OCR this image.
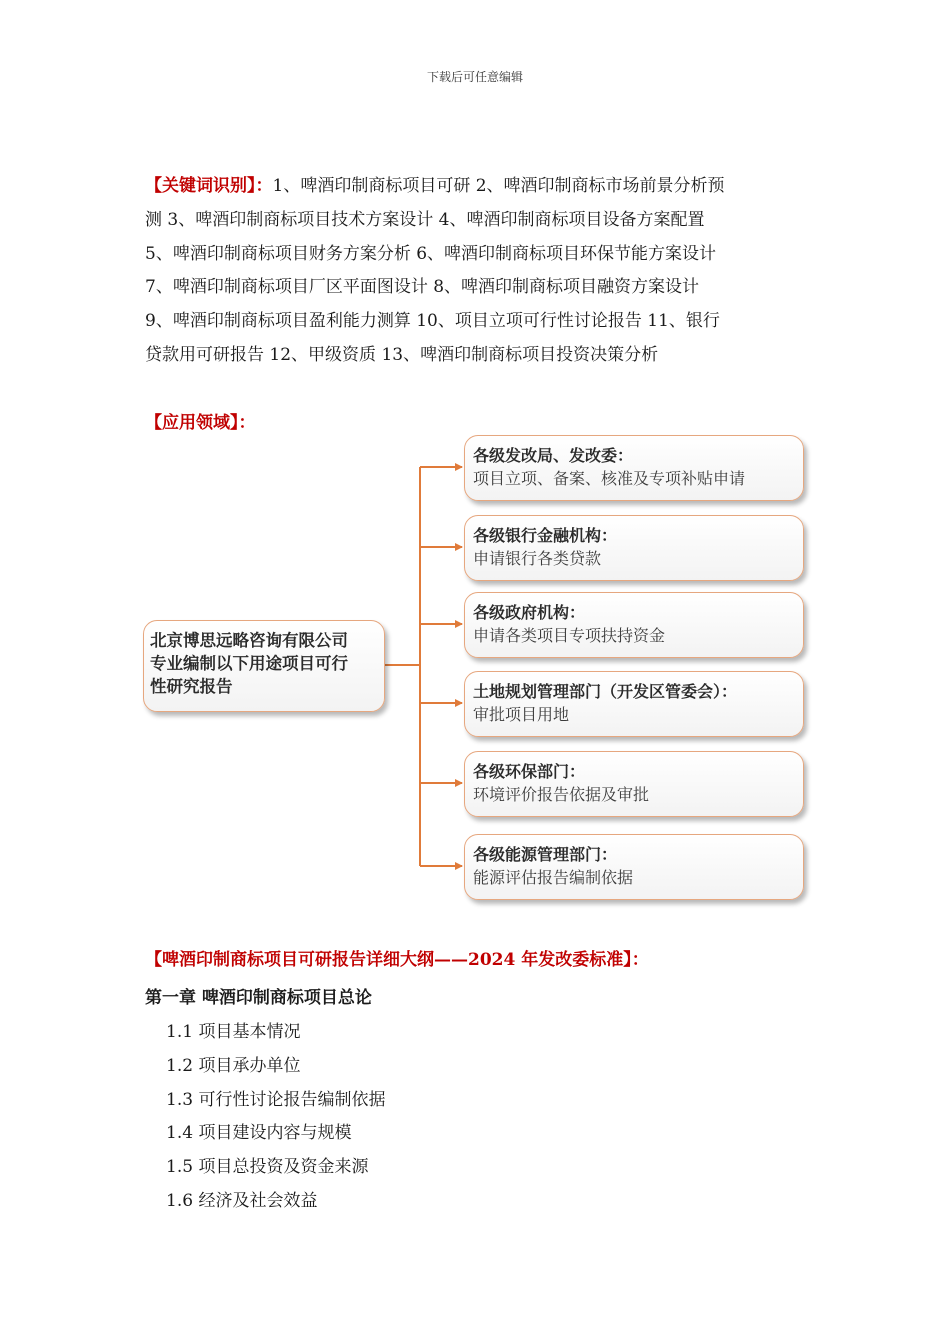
下载后可任意编辑
【关键词识别】：1、啤酒印制商标项目可研 2、啤酒印制商标市场前景分析预
测 3、啤酒印制商标项目技术方案设计 4、啤酒印制商标项目设备方案配置
5、啤酒印制商标项目财务方案分析 6、啤酒印制商标项目环保节能方案设计
7、啤酒印制商标项目厂区平面图设计 8、啤酒印制商标项目融资方案设计
9、啤酒印制商标项目盈利能力测算 10、项目立项可行性讨论报告 11、银行
贷款用可研报告 12、甲级资质 13、啤酒印制商标项目投资决策分析
【应用领域】：
北京博思远略咨询有限公司
专业编制以下用途项目可行
性研究报告
各级发改局、发改委：
项目立项、备案、核准及专项补贴申请
各级银行金融机构：
申请银行各类贷款
各级政府机构：
申请各类项目专项扶持资金
土地规划管理部门（开发区管委会）：
审批项目用地
各级环保部门：
环境评价报告依据及审批
各级能源管理部门：
能源评估报告编制依据
【啤酒印制商标项目可研报告详细大纲——2024 年发改委标准】：
第一章 啤酒印制商标项目总论
1.1 项目基本情况
1.2 项目承办单位
1.3 可行性讨论报告编制依据
1.4 项目建设内容与规模
1.5 项目总投资及资金来源
1.6 经济及社会效益
